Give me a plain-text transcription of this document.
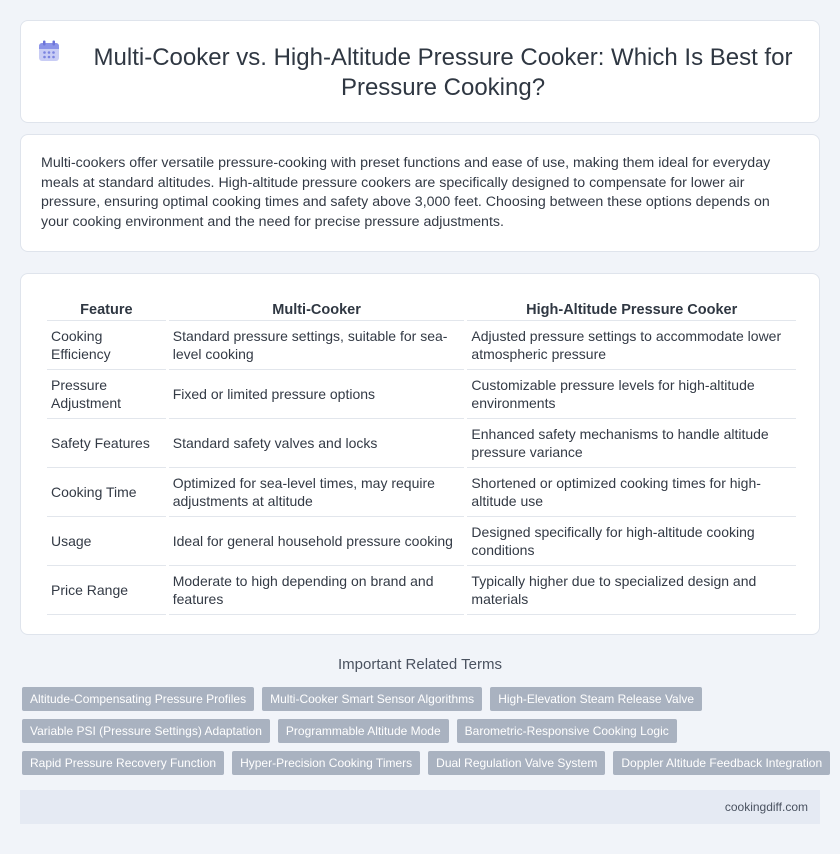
Multi-Cooker vs. High-Altitude Pressure Cooker: Which Is Best for Pressure Cooking?

Multi-cookers offer versatile pressure-cooking with preset functions and ease of use, making them ideal for everyday meals at standard altitudes. High-altitude pressure cookers are specifically designed to compensate for lower air pressure, ensuring optimal cooking times and safety above 3,000 feet. Choosing between these options depends on your cooking environment and the need for precise pressure adjustments.

Feature	Multi-Cooker	High-Altitude Pressure Cooker
Cooking Efficiency	Standard pressure settings, suitable for sea-level cooking	Adjusted pressure settings to accommodate lower atmospheric pressure
Pressure Adjustment	Fixed or limited pressure options	Customizable pressure levels for high-altitude environments
Safety Features	Standard safety valves and locks	Enhanced safety mechanisms to handle altitude pressure variance
Cooking Time	Optimized for sea-level times, may require adjustments at altitude	Shortened or optimized cooking times for high-altitude use
Usage	Ideal for general household pressure cooking	Designed specifically for high-altitude cooking conditions
Price Range	Moderate to high depending on brand and features	Typically higher due to specialized design and materials
Important Related Terms
Altitude-Compensating Pressure Profiles	Multi-Cooker Smart Sensor Algorithms	High-Elevation Steam Release Valve
Variable PSI (Pressure Settings) Adaptation	Programmable Altitude Mode	Barometric-Responsive Cooking Logic
Rapid Pressure Recovery Function	Hyper-Precision Cooking Timers	Dual Regulation Valve System	Doppler Altitude Feedback Integration
cookingdiff.com
